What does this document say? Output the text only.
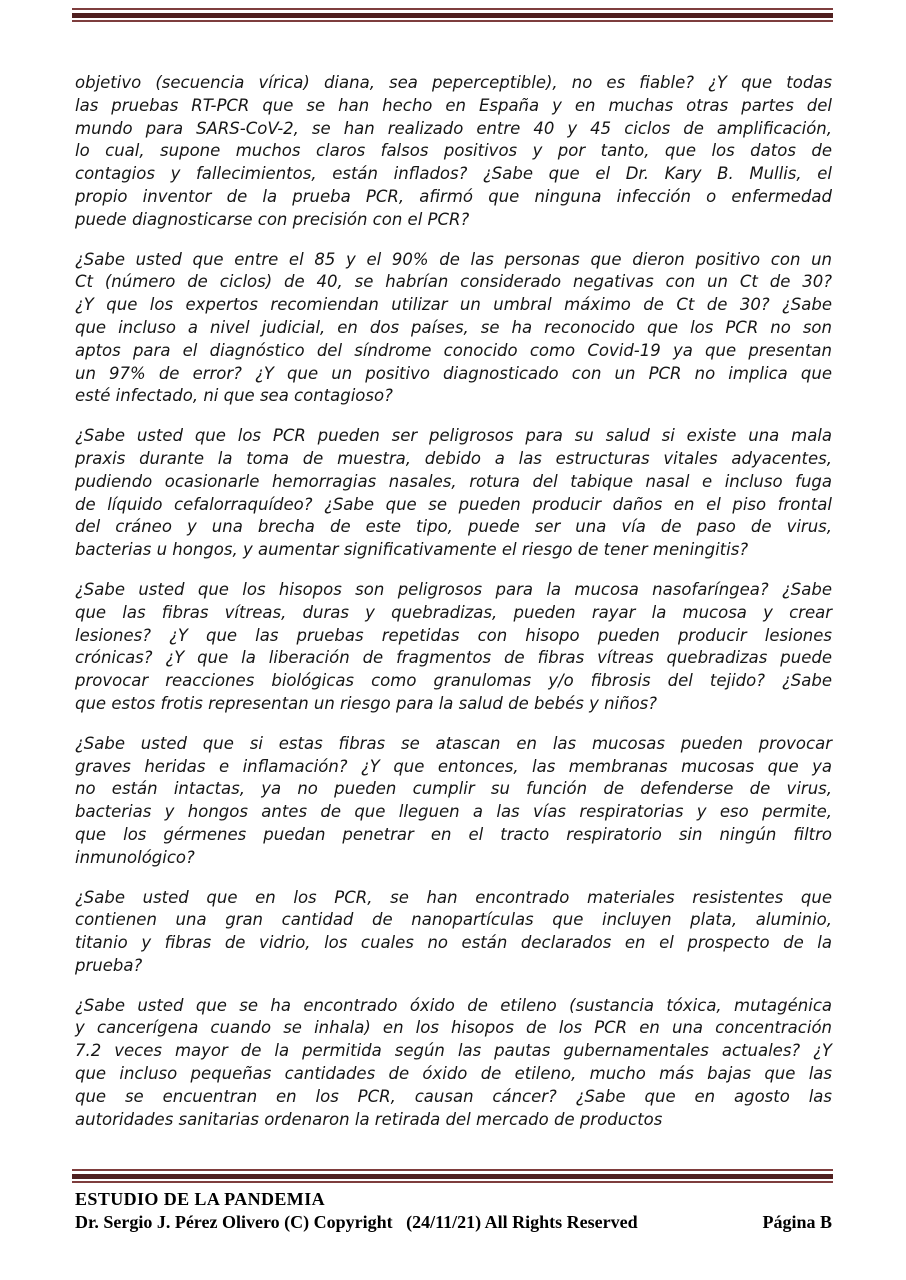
objetivo (secuencia vírica) diana, sea peperceptible), no es fiable? ¿Y que todas
las pruebas RT-PCR que se han hecho en España y en muchas otras partes del
mundo para SARS-CoV-2, se han realizado entre 40 y 45 ciclos de amplificación,
lo cual, supone muchos claros falsos positivos y por tanto, que los datos de
contagios y fallecimientos, están inflados? ¿Sabe que el Dr. Kary B. Mullis, el
propio inventor de la prueba PCR, afirmó que ninguna infección o enfermedad
puede diagnosticarse con precisión con el PCR?
¿Sabe usted que entre el 85 y el 90% de las personas que dieron positivo con un
Ct (número de ciclos) de 40, se habrían considerado negativas con un Ct de 30?
¿Y que los expertos recomiendan utilizar un umbral máximo de Ct de 30? ¿Sabe
que incluso a nivel judicial, en dos países, se ha reconocido que los PCR no son
aptos para el diagnóstico del síndrome conocido como Covid-19 ya que presentan
un 97% de error? ¿Y que un positivo diagnosticado con un PCR no implica que
esté infectado, ni que sea contagioso?
¿Sabe usted que los PCR pueden ser peligrosos para su salud si existe una mala
praxis durante la toma de muestra, debido a las estructuras vitales adyacentes,
pudiendo ocasionarle hemorragias nasales, rotura del tabique nasal e incluso fuga
de líquido cefalorraquídeo? ¿Sabe que se pueden producir daños en el piso frontal
del cráneo y una brecha de este tipo, puede ser una vía de paso de virus,
bacterias u hongos, y aumentar significativamente el riesgo de tener meningitis?
¿Sabe usted que los hisopos son peligrosos para la mucosa nasofaríngea? ¿Sabe
que las fibras vítreas, duras y quebradizas, pueden rayar la mucosa y crear
lesiones? ¿Y que las pruebas repetidas con hisopo pueden producir lesiones
crónicas? ¿Y que la liberación de fragmentos de fibras vítreas quebradizas puede
provocar reacciones biológicas como granulomas y/o fibrosis del tejido? ¿Sabe
que estos frotis representan un riesgo para la salud de bebés y niños?
¿Sabe usted que si estas fibras se atascan en las mucosas pueden provocar
graves heridas e inflamación? ¿Y que entonces, las membranas mucosas que ya
no están intactas, ya no pueden cumplir su función de defenderse de virus,
bacterias y hongos antes de que lleguen a las vías respiratorias y eso permite,
que los gérmenes puedan penetrar en el tracto respiratorio sin ningún filtro
inmunológico?
¿Sabe usted que en los PCR, se han encontrado materiales resistentes que
contienen una gran cantidad de nanopartículas que incluyen plata, aluminio,
titanio y fibras de vidrio, los cuales no están declarados en el prospecto de la
prueba?
¿Sabe usted que se ha encontrado óxido de etileno (sustancia tóxica, mutagénica
y cancerígena cuando se inhala) en los hisopos de los PCR en una concentración
7.2 veces mayor de la permitida según las pautas gubernamentales actuales? ¿Y
que incluso pequeñas cantidades de óxido de etileno, mucho más bajas que las
que se encuentran en los PCR, causan cáncer? ¿Sabe que en agosto las
autoridades sanitarias ordenaron la retirada del mercado de productos
ESTUDIO DE LA PANDEMIA
Dr. Sergio J. Pérez Olivero (C) Copyright   (24/11/21) All Rights Reserved	Página B
